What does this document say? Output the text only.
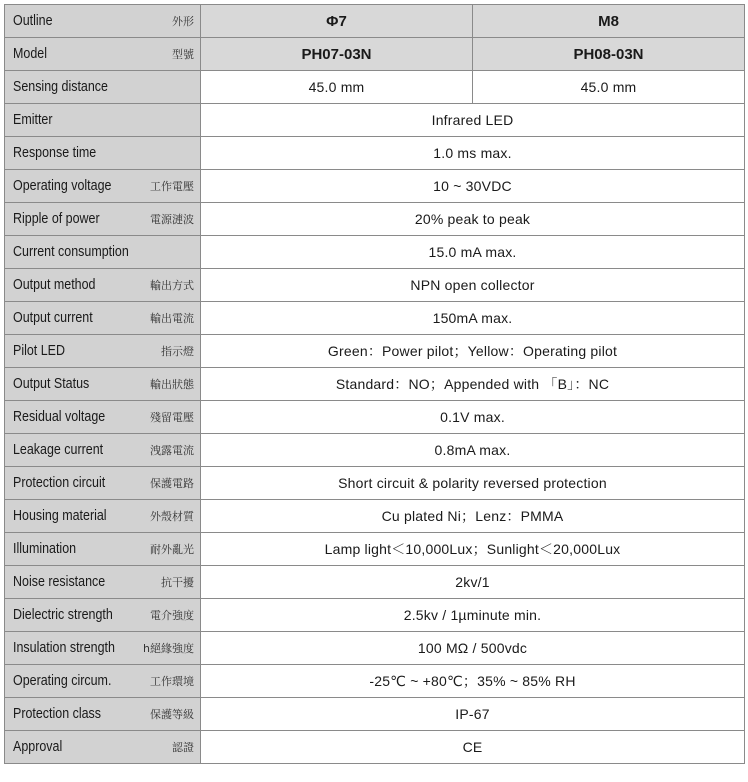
Outline 外形	Φ7	M8
Model 型號	PH07-03N	PH08-03N
Sensing distance	45.0 mm	45.0 mm
Emitter	Infrared LED	
Response time	1.0 ms max.	
Operating voltage 工作電壓	10 ~ 30VDC	
Ripple of power 電源漣波	20% peak to peak	
Current consumption	15.0 mA max.	
Output method 輸出方式	NPN open collector	
Output current 輸出電流	150mA max.	
Pilot LED 指示燈	Green：Power pilot；Yellow：Operating pilot	
Output Status 輸出狀態	Standard：NO；Appended with 「B」：NC	
Residual voltage 殘留電壓	0.1V max.	
Leakage current 洩露電流	0.8mA max.	
Protection circuit 保護電路	Short circuit & polarity reversed protection	
Housing material 外殼材質	Cu plated Ni；Lenz：PMMA	
Illumination 耐外亂光	Lamp light＜10,000Lux；Sunlight＜20,000Lux	
Noise resistance 抗干擾	2kv/1	
Dielectric strength 電介強度	2.5kv / 1µminute min.	
Insulation strength h絕緣強度	100 MΩ / 500vdc	
Operating circum. 工作環境	-25℃ ~ +80℃；35% ~ 85% RH	
Protection class 保護等級	IP-67	
Approval 認證	CE	
